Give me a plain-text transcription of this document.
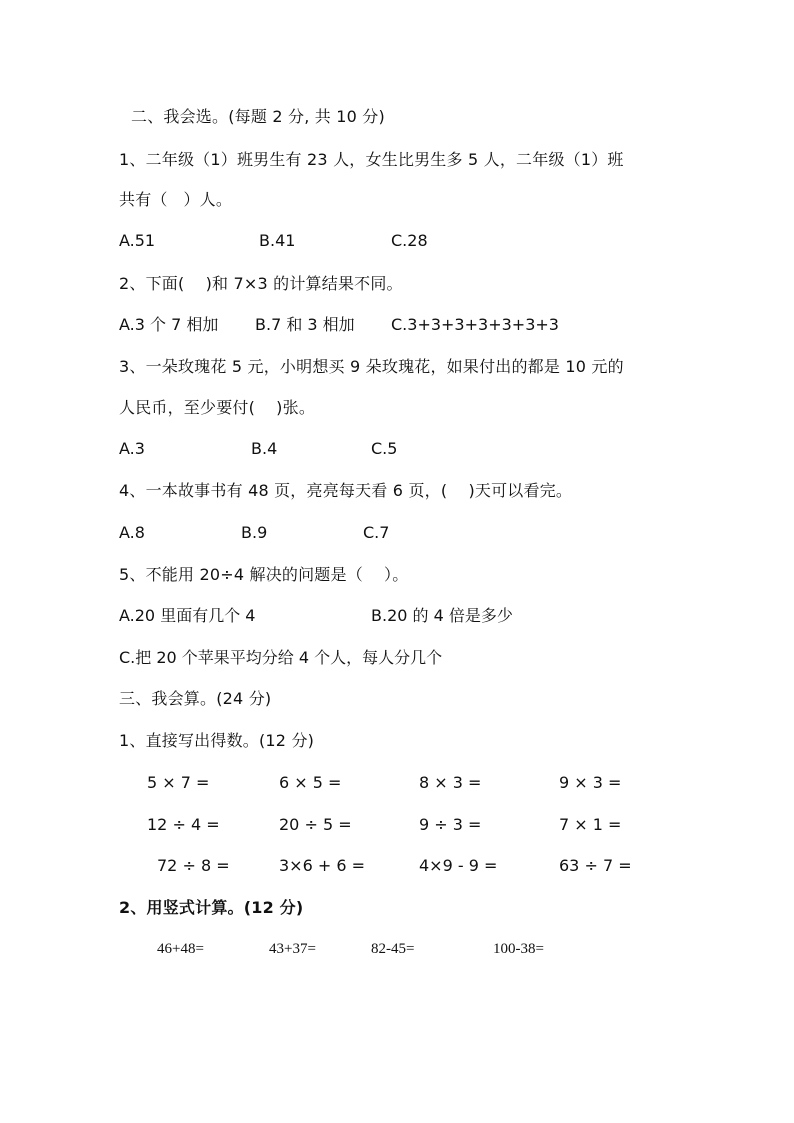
二、我会选。(每题 2 分, 共 10 分)
1、二年级（1）班男生有 23 人，女生比男生多 5 人，二年级（1）班
共有（   ）人。
A.51	B.41	C.28
2、下面(    )和 7×3 的计算结果不同。
A.3 个 7 相加 B.7 和 3 相加 C.3+3+3+3+3+3+3
3、一朵玫瑰花 5 元，小明想买 9 朵玫瑰花，如果付出的都是 10 元的
人民币，至少要付(    )张。
A.3	B.4	C.5
4、一本故事书有 48 页，亮亮每天看 6 页，(    )天可以看完。
A.8	B.9	C.7
5、不能用 20÷4 解决的问题是（    ）。
A.20 里面有几个 4	B.20 的 4 倍是多少
C.把 20 个苹果平均分给 4 个人，每人分几个
三、我会算。(24 分)
1、直接写出得数。(12 分)
5 × 7 =	6 × 5 =	8 × 3 =	9 × 3 =
12 ÷ 4 =	20 ÷ 5 =	9 ÷ 3 =	7 × 1 =
72 ÷ 8 =	3×6 + 6 =	4×9 - 9 =	63 ÷ 7 =
2、用竖式计算。(12 分)
46+48=	43+37=	82-45=	100-38=
